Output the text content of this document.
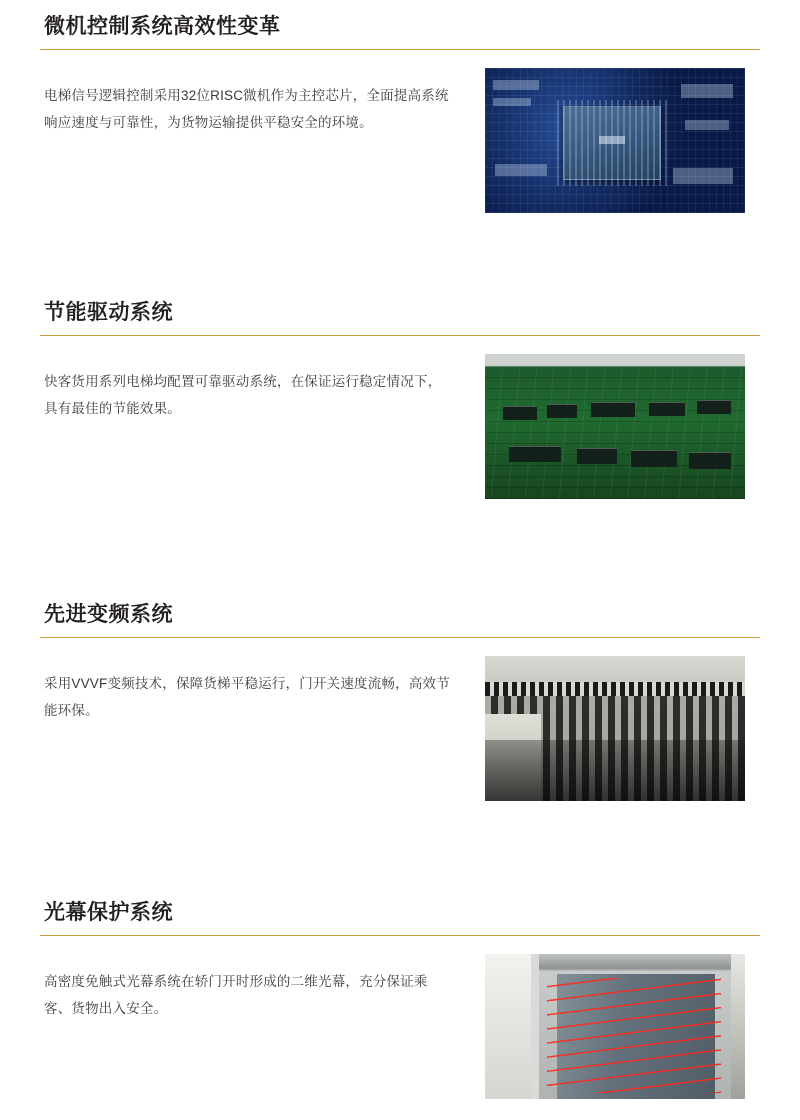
微机控制系统高效性变革

电梯信号逻辑控制采用32位RISC微机作为主控芯片，全面提高系统响应速度与可靠性，为货物运输提供平稳安全的环境。

节能驱动系统

快客货用系列电梯均配置可靠驱动系统，在保证运行稳定情况下，具有最佳的节能效果。

先进变频系统

采用VVVF变频技术，保障货梯平稳运行，门开关速度流畅，高效节能环保。

光幕保护系统

高密度免触式光幕系统在轿门开时形成的二维光幕，充分保证乘客、货物出入安全。
